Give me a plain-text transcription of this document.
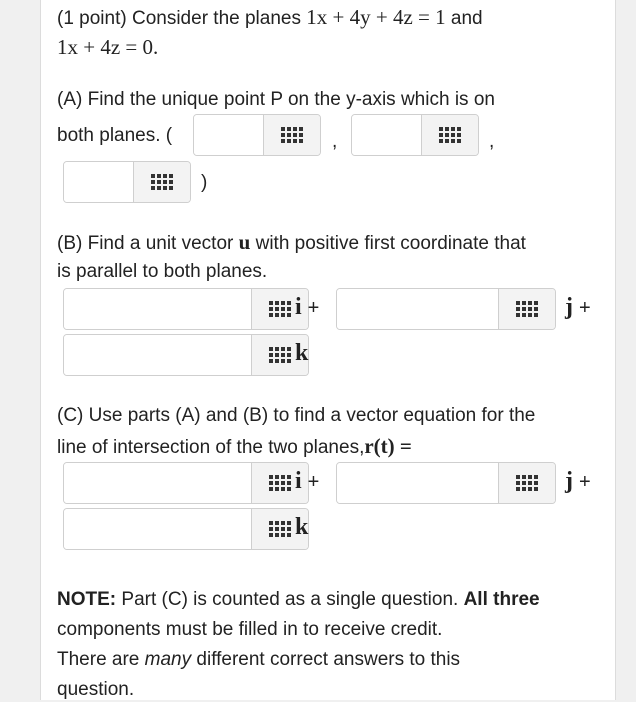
(1 point) Consider the planes 1x + 4y + 4z = 1 and
1x + 4z = 0.
(A) Find the unique point P on the y-axis which is on
both planes. (	,	,
)
(B) Find a unit vector u with positive first coordinate that
is parallel to both planes.
i +	j +
k
(C) Use parts (A) and (B) to find a vector equation for the
line of intersection of the two planes,r(t) =
i +	j +
k
NOTE: Part (C) is counted as a single question. All three
components must be filled in to receive credit.
There are many different correct answers to this
question.
